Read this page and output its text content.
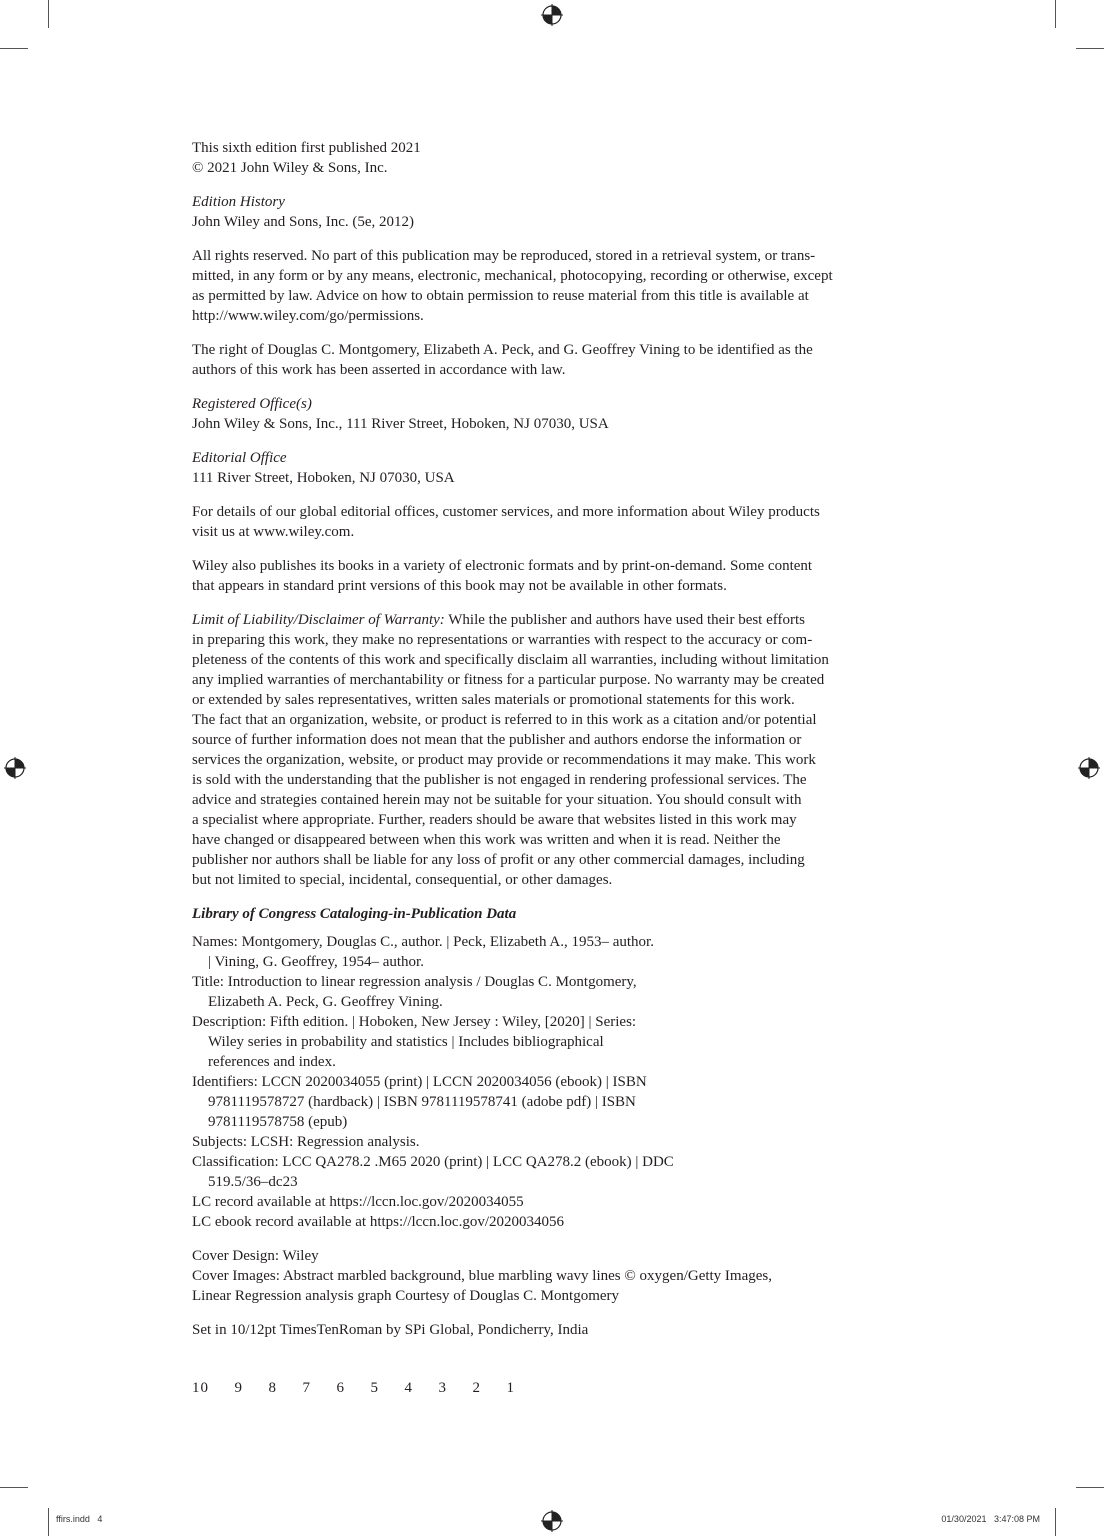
This sixth edition first published 2021
© 2021 John Wiley & Sons, Inc.

Edition History
John Wiley and Sons, Inc. (5e, 2012)

All rights reserved. No part of this publication may be reproduced, stored in a retrieval system, or trans-
mitted, in any form or by any means, electronic, mechanical, photocopying, recording or otherwise, except
as permitted by law. Advice on how to obtain permission to reuse material from this title is available at
http://www.wiley.com/go/permissions.

The right of Douglas C. Montgomery, Elizabeth A. Peck, and G. Geoffrey Vining to be identified as the
authors of this work has been asserted in accordance with law.

Registered Office(s)
John Wiley & Sons, Inc., 111 River Street, Hoboken, NJ 07030, USA

Editorial Office
111 River Street, Hoboken, NJ 07030, USA

For details of our global editorial offices, customer services, and more information about Wiley products
visit us at www.wiley.com.

Wiley also publishes its books in a variety of electronic formats and by print-on-demand. Some content
that appears in standard print versions of this book may not be available in other formats.

Limit of Liability/Disclaimer of Warranty: While the publisher and authors have used their best efforts
in preparing this work, they make no representations or warranties with respect to the accuracy or com-
pleteness of the contents of this work and specifically disclaim all warranties, including without limitation
any implied warranties of merchantability or fitness for a particular purpose. No warranty may be created
or extended by sales representatives, written sales materials or promotional statements for this work.
The fact that an organization, website, or product is referred to in this work as a citation and/or potential
source of further information does not mean that the publisher and authors endorse the information or
services the organization, website, or product may provide or recommendations it may make. This work
is sold with the understanding that the publisher is not engaged in rendering professional services. The
advice and strategies contained herein may not be suitable for your situation. You should consult with
a specialist where appropriate. Further, readers should be aware that websites listed in this work may
have changed or disappeared between when this work was written and when it is read. Neither the
publisher nor authors shall be liable for any loss of profit or any other commercial damages, including
but not limited to special, incidental, consequential, or other damages.

Library of Congress Cataloging-in-Publication Data
Names: Montgomery, Douglas C., author. | Peck, Elizabeth A., 1953– author.
| Vining, G. Geoffrey, 1954– author.
Title: Introduction to linear regression analysis / Douglas C. Montgomery,
Elizabeth A. Peck, G. Geoffrey Vining.
Description: Fifth edition. | Hoboken, New Jersey : Wiley, [2020] | Series:
Wiley series in probability and statistics | Includes bibliographical
references and index.
Identifiers: LCCN 2020034055 (print) | LCCN 2020034056 (ebook) | ISBN
9781119578727 (hardback) | ISBN 9781119578741 (adobe pdf) | ISBN
9781119578758 (epub)
Subjects: LCSH: Regression analysis.
Classification: LCC QA278.2 .M65 2020 (print) | LCC QA278.2 (ebook) | DDC
519.5/36–dc23
LC record available at https://lccn.loc.gov/2020034055
LC ebook record available at https://lccn.loc.gov/2020034056

Cover Design: Wiley
Cover Images: Abstract marbled background, blue marbling wavy lines © oxygen/Getty Images,
Linear Regression analysis graph Courtesy of Douglas C. Montgomery

Set in 10/12pt TimesTenRoman by SPi Global, Pondicherry, India

10  9  8  7  6  5  4  3  2  1
ffirs.indd   4	01/30/2021   3:47:08 PM
